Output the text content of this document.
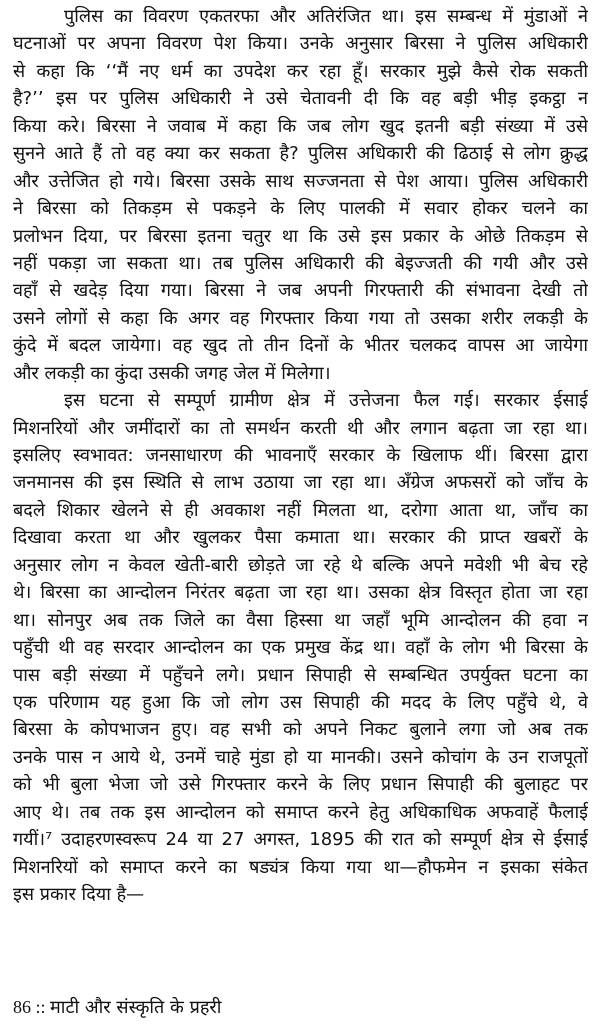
पुलिस का विवरण एकतरफा और अतिरंजित था। इस सम्बन्ध में मुंडाओं ने
घटनाओं पर अपना विवरण पेश किया। उनके अनुसार बिरसा ने पुलिस अधिकारी
से कहा कि ‘‘मैं नए धर्म का उपदेश कर रहा हूँ। सरकार मुझे कैसे रोक सकती
है?’’ इस पर पुलिस अधिकारी ने उसे चेतावनी दी कि वह बड़ी भीड़ इकट्ठा न
किया करे। बिरसा ने जवाब में कहा कि जब लोग खुद इतनी बड़ी संख्या में उसे
सुनने आते हैं तो वह क्या कर सकता है? पुलिस अधिकारी की ढिठाई से लोग क्रुद्ध
और उत्तेजित हो गये। बिरसा उसके साथ सज्जनता से पेश आया। पुलिस अधिकारी
ने बिरसा को तिकड़म से पकड़ने के लिए पालकी में सवार होकर चलने का
प्रलोभन दिया, पर बिरसा इतना चतुर था कि उसे इस प्रकार के ओछे तिकड़म से
नहीं पकड़ा जा सकता था। तब पुलिस अधिकारी की बेइज्जती की गयी और उसे
वहाँ से खदेड़ दिया गया। बिरसा ने जब अपनी गिरफ्तारी की संभावना देखी तो
उसने लोगों से कहा कि अगर वह गिरफ्तार किया गया तो उसका शरीर लकड़ी के
कुंदे में बदल जायेगा। वह खुद तो तीन दिनों के भीतर चलकद वापस आ जायेगा
और लकड़ी का कुंदा उसकी जगह जेल में मिलेगा।
इस घटना से सम्पूर्ण ग्रामीण क्षेत्र में उत्तेजना फैल गई। सरकार ईसाई
मिशनरियों और जमींदारों का तो समर्थन करती थी और लगान बढ़ता जा रहा था।
इसलिए स्वभावत: जनसाधारण की भावनाएँ सरकार के खिलाफ थीं। बिरसा द्वारा
जनमानस की इस स्थिति से लाभ उठाया जा रहा था। अँग्रेज अफसरों को जाँच के
बदले शिकार खेलने से ही अवकाश नहीं मिलता था, दरोगा आता था, जाँच का
दिखावा करता था और खुलकर पैसा कमाता था। सरकार की प्राप्त खबरों के
अनुसार लोग न केवल खेती-बारी छोड़ते जा रहे थे बल्कि अपने मवेशी भी बेच रहे
थे। बिरसा का आन्दोलन निरंतर बढ़ता जा रहा था। उसका क्षेत्र विस्तृत होता जा रहा
था। सोनपुर अब तक जिले का वैसा हिस्सा था जहाँ भूमि आन्दोलन की हवा न
पहुँची थी वह सरदार आन्दोलन का एक प्रमुख केंद्र था। वहाँ के लोग भी बिरसा के
पास बड़ी संख्या में पहुँचने लगे। प्रधान सिपाही से सम्बन्धित उपर्युक्त घटना का
एक परिणाम यह हुआ कि जो लोग उस सिपाही की मदद के लिए पहुँचे थे, वे
बिरसा के कोपभाजन हुए। वह सभी को अपने निकट बुलाने लगा जो अब तक
उनके पास न आये थे, उनमें चाहे मुंडा हो या मानकी। उसने कोचांग के उन राजपूतों
को भी बुला भेजा जो उसे गिरफ्तार करने के लिए प्रधान सिपाही की बुलाहट पर
आए थे। तब तक इस आन्दोलन को समाप्त करने हेतु अधिकाधिक अफवाहें फैलाई
गयीं।⁷ उदाहरणस्वरूप 24 या 27 अगस्त, 1895 की रात को सम्पूर्ण क्षेत्र से ईसाई
मिशनरियों को समाप्त करने का षड्यंत्र किया गया था—हौफमेन न इसका संकेत
इस प्रकार दिया है—
86 :: माटी और संस्कृति के प्रहरी
